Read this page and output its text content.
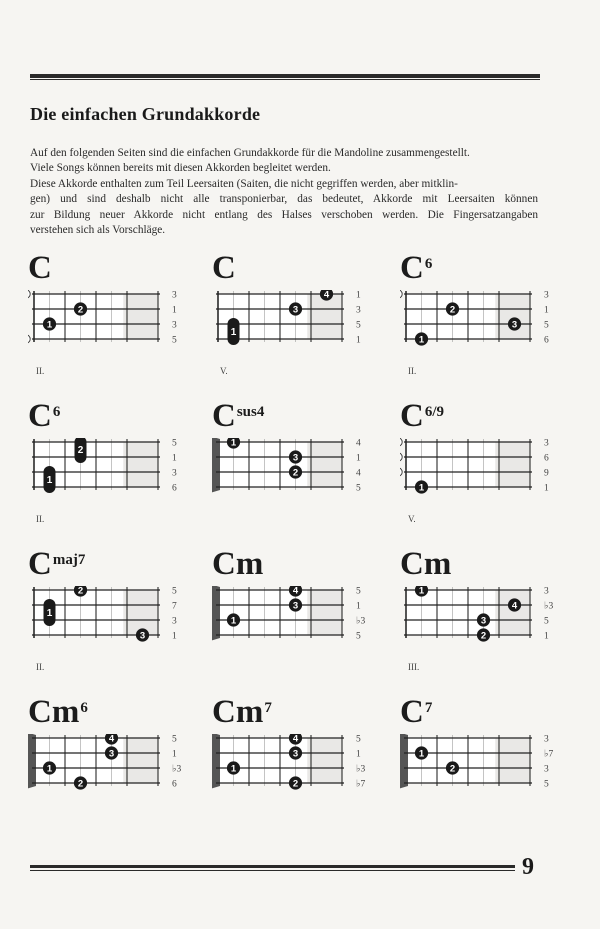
Die einfachen Grundakkorde

Auf den folgenden Seiten sind die einfachen Grundakkorde für die Mandoline zusammengestellt.

Viele Songs können bereits mit diesen Akkorden begleitet werden.

Diese Akkorde enthalten zum Teil Leersaiten (Saiten, die nicht gegriffen werden, aber mitklin-

gen) und sind deshalb nicht alle transponierbar, das bedeutet, Akkorde mit Leersaiten können

zur Bildung neuer Akkorde nicht entlang des Halses verschoben werden. Die Fingersatzangaben

verstehen sich als Vorschläge.

C
2
1
3
1
3
5
II.
C
1
4
3
1
3
5
1
V.
$C^6$
2
3
1
3
1
5
6
II.
$C^6$
2
1
5
1
3
6
II.
$C^{sus4}$
1
3
2
4
1
4
5
$C^{6/9}$
1
3
6
9
1
V.
$C^{maj7}$
1
2
3
5
7
3
1
II.
Cm
4
3
1
5
1
♭3
5
Cm
1
4
3
2
3
♭3
5
1
III.
Cm$^6$
4
3
1
2
5
1
♭3
6
Cm$^7$
4
3
1
2
5
1
♭3
♭7
$C^7$
1
2
3
♭7
3
5
9
